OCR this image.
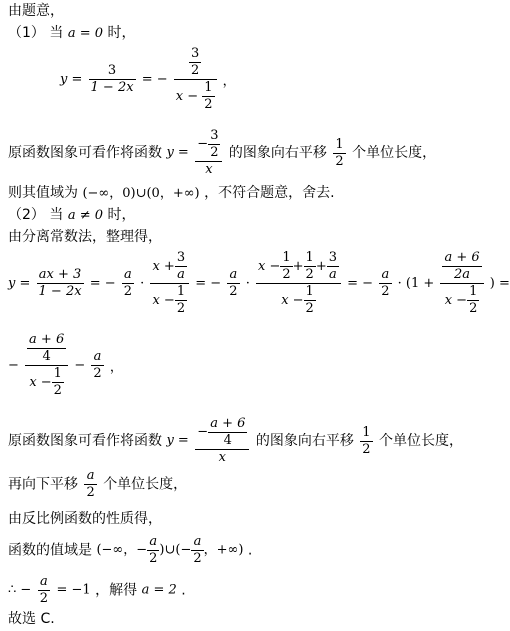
由题意，
（1） 当 a = 0 时，
$y = \frac{3}{1 - 2x}$ = − $\frac{\frac{3}{2}}{x - \frac{1}{2}}$ ，
原函数图象可看作将函数 $y = \frac{- \frac{3}{2}}{x}$ 的图象向右平移 $\frac{1}{2}$ 个单位长度，
则其值域为 (−∞，0)∪(0，+∞) ，不符合题意，舍去.
（2） 当 a ≠ 0 时，
由分离常数法，整理得，
$y = \frac{ax + 3}{1 - 2x}$ = − $\frac{a}{2} \cdot \frac{x + \frac{3}{a}}{x - \frac{1}{2}}$ = − $\frac{a}{2} \cdot \frac{x - \frac{1}{2} + \frac{1}{2} + \frac{3}{a}}{x - \frac{1}{2}}$ = − $\frac{a}{2} \cdot (1 + \frac{\frac{a + 6}{2a}}{x - \frac{1}{2}}$ ) =
− $\frac{\frac{a + 6}{4}}{x - \frac{1}{2}} - \frac{a}{2}$ ，
原函数图象可看作将函数 $y = \frac{- \frac{a + 6}{4}}{x}$ 的图象向右平移 $\frac{1}{2}$ 个单位长度，
再向下平移 $\frac{a}{2}$ 个单位长度，
由反比例函数的性质得，
函数的值域是 (−∞，− $\frac{a}{2}$ )∪(− $\frac{a}{2}$ ，+∞) .
∴ − $\frac{a}{2} = -1$ ，解得 a = 2 .
故选 C.
